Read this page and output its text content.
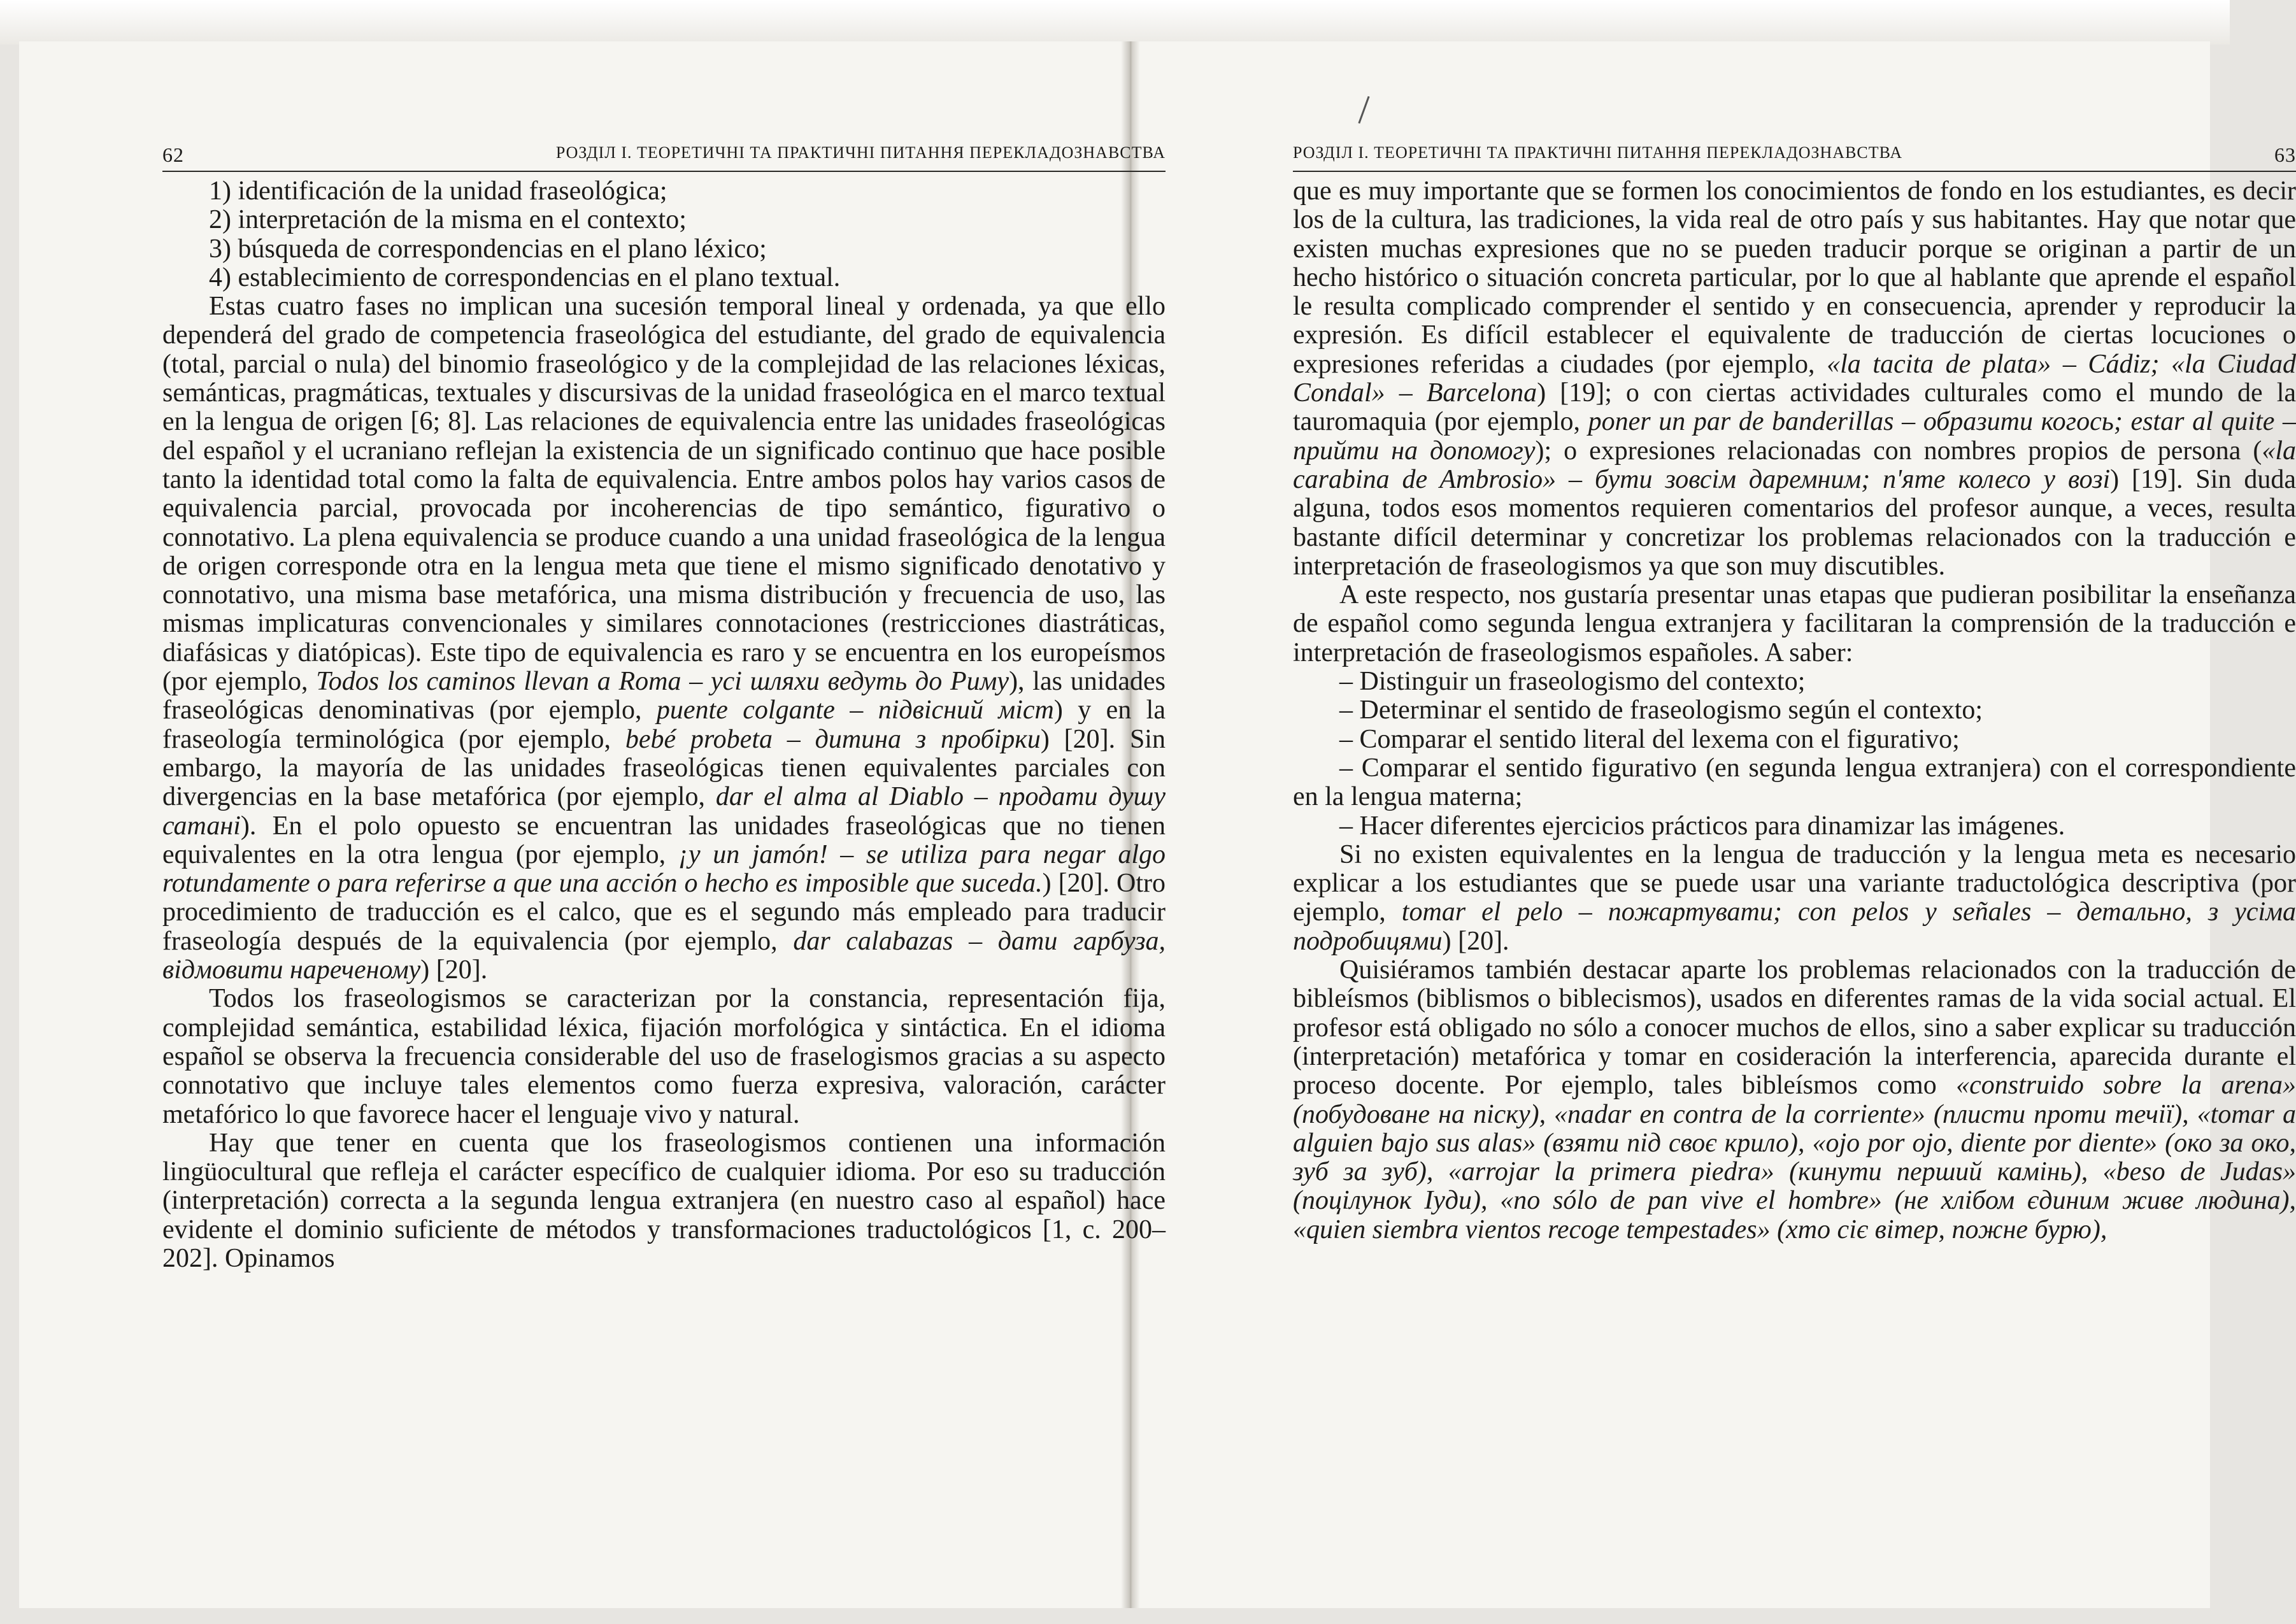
62	РОЗДІЛ І. ТЕОРЕТИЧНІ ТА ПРАКТИЧНІ ПИТАННЯ ПЕРЕКЛАДОЗНАВСТВА

1) identificación de la unidad fraseológica;

2) interpretación de la misma en el contexto;

3) búsqueda de correspondencias en el plano léxico;

4) establecimiento de correspondencias en el plano textual.

Estas cuatro fases no implican una sucesión temporal lineal y ordenada, ya que ello dependerá del grado de competencia fraseológica del estudiante, del grado de equivalencia (total, parcial o nula) del binomio fraseológico y de la complejidad de las relaciones léxicas, semánticas, pragmáticas, textuales y discursivas de la unidad fraseológica en el marco textual en la lengua de origen [6; 8]. Las relaciones de equivalencia entre las unidades fraseológicas del español y el ucraniano reflejan la existencia de un significado continuo que hace posible tanto la identidad total como la falta de equivalencia. Entre ambos polos hay varios casos de equivalencia parcial, provocada por incoherencias de tipo semántico, figurativo o connotativo. La plena equivalencia se produce cuando a una unidad fraseológica de la lengua de origen corresponde otra en la lengua meta que tiene el mismo significado denotativo y connotativo, una misma base metafórica, una misma distribución y frecuencia de uso, las mismas implicaturas convencionales y similares connotaciones (restricciones diastráticas, diafásicas y diatópicas). Este tipo de equivalencia es raro y se encuentra en los europeísmos (por ejemplo, Todos los caminos llevan a Roma – усі шляхи ведуть до Риму), las unidades fraseológicas denominativas (por ejemplo, puente colgante – підвісний міст) y en la fraseología terminológica (por ejemplo, bebé probeta – дитина з пробірки) [20]. Sin embargo, la mayoría de las unidades fraseológicas tienen equivalentes parciales con divergencias en la base metafórica (por ejemplo, dar el alma al Diablo – продати душу сатані). En el polo opuesto se encuentran las unidades fraseológicas que no tienen equivalentes en la otra lengua (por ejemplo, ¡y un jamón! – se utiliza para negar algo rotundamente o para referirse a que una acción o hecho es imposible que suceda.) [20]. Otro procedimiento de traducción es el calco, que es el segundo más empleado para traducir fraseología después de la equivalencia (por ejemplo, dar calabazas – дати гарбуза, відмовити нареченому) [20].

Todos los fraseologismos se caracterizan por la constancia, representación fija, complejidad semántica, estabilidad léxica, fijación morfológica y sintáctica. En el idioma español se observa la frecuencia considerable del uso de fraselogismos gracias a su aspecto connotativo que incluye tales elementos como fuerza expresiva, valoración, carácter metafórico lo que favorece hacer el lenguaje vivo y natural.

Hay que tener en cuenta que los fraseologismos contienen una información lingüocultural que refleja el carácter específico de cualquier idioma. Por eso su traducción (interpretación) correcta a la segunda lengua extranjera (en nuestro caso al español) hace evidente el dominio suficiente de métodos y transformaciones traductológicos [1, с. 200–202]. Opinamos

РОЗДІЛ І. ТЕОРЕТИЧНІ ТА ПРАКТИЧНІ ПИТАННЯ ПЕРЕКЛАДОЗНАВСТВА	63

que es muy importante que se formen los conocimientos de fondo en los estudiantes, es decir los de la cultura, las tradiciones, la vida real de otro país y sus habitantes. Hay que notar que existen muchas expresiones que no se pueden traducir porque se originan a partir de un hecho histórico o situación concreta particular, por lo que al hablante que aprende el español le resulta complicado comprender el sentido y en consecuencia, aprender y reproducir la expresión. Es difícil establecer el equivalente de traducción de ciertas locuciones o expresiones referidas a ciudades (por ejemplo, «la tacita de plata» – Cádiz; «la Ciudad Condal» – Barcelona) [19]; o con ciertas actividades culturales como el mundo de la tauromaquia (por ejemplo, poner un par de banderillas – образити когось; estar al quite – прийти на допомогу); o expresiones relacionadas con nombres propios de persona («la carabina de Ambrosio» – бути зовсім даремним; п'яте колесо у возі) [19]. Sin duda alguna, todos esos momentos requieren comentarios del profesor aunque, a veces, resulta bastante difícil determinar y concretizar los problemas relacionados con la traducción e interpretación de fraseologismos ya que son muy discutibles.

A este respecto, nos gustaría presentar unas etapas que pudieran posibilitar la enseñanza de español como segunda lengua extranjera y facilitaran la comprensión de la traducción e interpretación de fraseologismos españoles. A saber:

– Distinguir un fraseologismo del contexto;

– Determinar el sentido de fraseologismo según el contexto;

– Comparar el sentido literal del lexema con el figurativo;

– Comparar el sentido figurativo (en segunda lengua extranjera) con el correspondiente en la lengua materna;

– Hacer diferentes ejercicios prácticos para dinamizar las imágenes.

Si no existen equivalentes en la lengua de traducción y la lengua meta es necesario explicar a los estudiantes que se puede usar una variante traductológica descriptiva (por ejemplo, tomar el pelo – пожартувати; con pelos y señales – детально, з усіма подробицями) [20].

Quisiéramos también destacar aparte los problemas relacionados con la traducción de bibleísmos (biblismos o biblecismos), usados en diferentes ramas de la vida social actual. El profesor está obligado no sólo a conocer muchos de ellos, sino a saber explicar su traducción (interpretación) metafórica y tomar en cosideración la interferencia, aparecida durante el proceso docente. Por ejemplo, tales bibleísmos como «construido sobre la arena» (побудоване на піску), «nadar en contra de la corriente» (плисти проти течії), «tomar a alguien bajo sus alas» (взяти під своє крило), «ojo por ojo, diente por diente» (око за око, зуб за зуб), «arrojar la primera piedra» (кинути перший камінь), «beso de Judas» (поцілунок Іуди), «no sólo de pan vive el hombre» (не хлібом єдиним живе людина), «quien siembra vientos recoge tempestades» (хто сіє вітер, пожне бурю),
